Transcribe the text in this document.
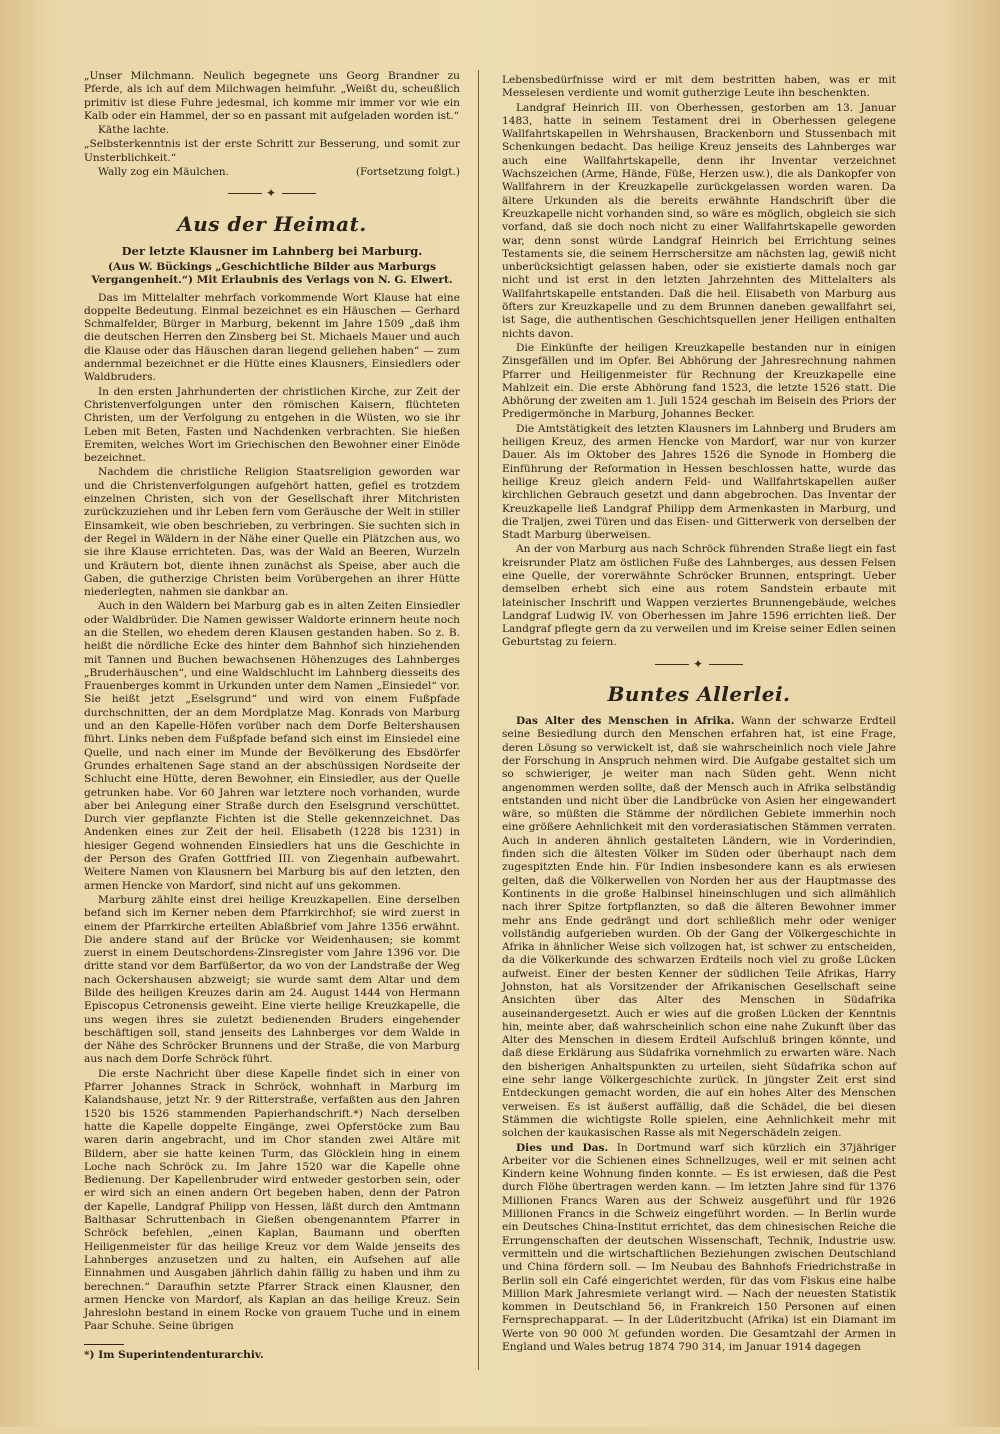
„Unser Milchmann. Neulich begegnete uns Georg Brandner zu Pferde, als ich auf dem Milchwagen heimfuhr. „Weißt du, scheußlich primitiv ist diese Fuhre jedesmal, ich komme mir immer vor wie ein Kalb oder ein Hammel, der so en passant mit aufgeladen worden ist.“

Käthe lachte.

„Selbsterkenntnis ist der erste Schritt zur Besserung, und somit zur Unsterblichkeit.“

Wally zog ein Mäulchen.	(Fortsetzung folgt.)
✦
Aus der Heimat.
Der letzte Klausner im Lahnberg bei Marburg.
(Aus W. Bückings „Geschichtliche Bilder aus Marburgs Vergangenheit.“) Mit Erlaubnis des Verlags von N. G. Elwert.

Das im Mittelalter mehrfach vorkommende Wort Klause hat eine doppelte Bedeutung. Einmal bezeichnet es ein Häuschen — Gerhard Schmalfelder, Bürger in Marburg, bekennt im Jahre 1509 „daß ihm die deutschen Herren den Zinsberg bei St. Michaels Mauer und auch die Klause oder das Häuschen daran liegend geliehen haben“ — zum andernmal bezeichnet er die Hütte eines Klausners, Einsiedlers oder Waldbruders.

In den ersten Jahrhunderten der christlichen Kirche, zur Zeit der Christenverfolgungen unter den römischen Kaisern, flüchteten Christen, um der Verfolgung zu entgehen in die Wüsten, wo sie ihr Leben mit Beten, Fasten und Nachdenken verbrachten. Sie hießen Eremiten, welches Wort im Griechischen den Bewohner einer Einöde bezeichnet.

Nachdem die christliche Religion Staatsreligion geworden war und die Christenverfolgungen aufgehört hatten, gefiel es trotzdem einzelnen Christen, sich von der Gesellschaft ihrer Mitchristen zurückzuziehen und ihr Leben fern vom Geräusche der Welt in stiller Einsamkeit, wie oben beschrieben, zu verbringen. Sie suchten sich in der Regel in Wäldern in der Nähe einer Quelle ein Plätzchen aus, wo sie ihre Klause errichteten. Das, was der Wald an Beeren, Wurzeln und Kräutern bot, diente ihnen zunächst als Speise, aber auch die Gaben, die gutherzige Christen beim Vorübergehen an ihrer Hütte niederlegten, nahmen sie dankbar an.

Auch in den Wäldern bei Marburg gab es in alten Zeiten Einsiedler oder Waldbrüder. Die Namen gewisser Waldorte erinnern heute noch an die Stellen, wo ehedem deren Klausen gestanden haben. So z. B. heißt die nördliche Ecke des hinter dem Bahnhof sich hinziehenden mit Tannen und Buchen bewachsenen Höhenzuges des Lahnberges „Bruderhäuschen“, und eine Waldschlucht im Lahnberg diesseits des Frauenberges kommt in Urkunden unter dem Namen „Einsiedel“ vor. Sie heißt jetzt „Eselsgrund“ und wird von einem Fußpfade durchschnitten, der an dem Mordplatze Mag. Konrads von Marburg und an den Kapelle-Höfen vorüber nach dem Dorfe Beltershausen führt. Links neben dem Fußpfade befand sich einst im Einsiedel eine Quelle, und nach einer im Munde der Bevölkerung des Ebsdörfer Grundes erhaltenen Sage stand an der abschüssigen Nordseite der Schlucht eine Hütte, deren Bewohner, ein Einsiedler, aus der Quelle getrunken habe. Vor 60 Jahren war letztere noch vorhanden, wurde aber bei Anlegung einer Straße durch den Eselsgrund verschüttet. Durch vier gepflanzte Fichten ist die Stelle gekennzeichnet. Das Andenken eines zur Zeit der heil. Elisabeth (1228 bis 1231) in hiesiger Gegend wohnenden Einsiedlers hat uns die Geschichte in der Person des Grafen Gottfried III. von Ziegenhain aufbewahrt. Weitere Namen von Klausnern bei Marburg bis auf den letzten, den armen Hencke von Mardorf, sind nicht auf uns gekommen.

Marburg zählte einst drei heilige Kreuzkapellen. Eine derselben befand sich im Kerner neben dem Pfarrkirchhof; sie wird zuerst in einem der Pfarrkirche erteilten Ablaßbrief vom Jahre 1356 erwähnt. Die andere stand auf der Brücke vor Weidenhausen; sie kommt zuerst in einem Deutschordens-Zinsregister vom Jahre 1396 vor. Die dritte stand vor dem Barfüßertor, da wo von der Landstraße der Weg nach Ockershausen abzweigt; sie wurde samt dem Altar und dem Bilde des heiligen Kreuzes darin am 24. August 1444 von Hermann Episcopus Cetronensis geweiht. Eine vierte heilige Kreuzkapelle, die uns wegen ihres sie zuletzt bedienenden Bruders eingehender beschäftigen soll, stand jenseits des Lahnberges vor dem Walde in der Nähe des Schröcker Brunnens und der Straße, die von Marburg aus nach dem Dorfe Schröck führt.

Die erste Nachricht über diese Kapelle findet sich in einer von Pfarrer Johannes Strack in Schröck, wohnhaft in Marburg im Kalandshause, jetzt Nr. 9 der Ritterstraße, verfaßten aus den Jahren 1520 bis 1526 stammenden Papierhandschrift.*) Nach derselben hatte die Kapelle doppelte Eingänge, zwei Opferstöcke zum Bau waren darin angebracht, und im Chor standen zwei Altäre mit Bildern, aber sie hatte keinen Turm, das Glöcklein hing in einem Loche nach Schröck zu. Im Jahre 1520 war die Kapelle ohne Bedienung. Der Kapellenbruder wird entweder gestorben sein, oder er wird sich an einen andern Ort begeben haben, denn der Patron der Kapelle, Landgraf Philipp von Hessen, läßt durch den Amtmann Balthasar Schruttenbach in Gießen obengenanntem Pfarrer in Schröck befehlen, „einen Kaplan, Baumann und oberften Heiligenmeister für das heilige Kreuz vor dem Walde jenseits des Lahnberges anzusetzen und zu halten, ein Aufsehen auf alle Einnahmen und Ausgaben jährlich dahin fällig zu haben und ihm zu berechnen.“ Daraufhin setzte Pfarrer Strack einen Klausner, den armen Hencke von Mardorf, als Kaplan an das heilige Kreuz. Sein Jahreslohn bestand in einem Rocke von grauem Tuche und in einem Paar Schuhe. Seine übrigen

*) Im Superintendenturarchiv.

Lebensbedürfnisse wird er mit dem bestritten haben, was er mit Messelesen verdiente und womit gutherzige Leute ihn beschenkten.

Landgraf Heinrich III. von Oberhessen, gestorben am 13. Januar 1483, hatte in seinem Testament drei in Oberhessen gelegene Wallfahrtskapellen in Wehrshausen, Brackenborn und Stussenbach mit Schenkungen bedacht. Das heilige Kreuz jenseits des Lahnberges war auch eine Wallfahrtskapelle, denn ihr Inventar verzeichnet Wachszeichen (Arme, Hände, Füße, Herzen usw.), die als Dankopfer von Wallfahrern in der Kreuzkapelle zurückgelassen worden waren. Da ältere Urkunden als die bereits erwähnte Handschrift über die Kreuzkapelle nicht vorhanden sind, so wäre es möglich, obgleich sie sich vorfand, daß sie doch noch nicht zu einer Wallfahrtskapelle geworden war, denn sonst würde Landgraf Heinrich bei Errichtung seines Testaments sie, die seinem Herrschersitze am nächsten lag, gewiß nicht unberücksichtigt gelassen haben, oder sie existierte damals noch gar nicht und ist erst in den letzten Jahrzehnten des Mittelalters als Wallfahrtskapelle entstanden. Daß die heil. Elisabeth von Marburg aus öfters zur Kreuzkapelle und zu dem Brunnen daneben gewallfahrt sei, ist Sage, die authentischen Geschichtsquellen jener Heiligen enthalten nichts davon.

Die Einkünfte der heiligen Kreuzkapelle bestanden nur in einigen Zinsgefällen und im Opfer. Bei Abhörung der Jahresrechnung nahmen Pfarrer und Heiligenmeister für Rechnung der Kreuzkapelle eine Mahlzeit ein. Die erste Abhörung fand 1523, die letzte 1526 statt. Die Abhörung der zweiten am 1. Juli 1524 geschah im Beisein des Priors der Predigermönche in Marburg, Johannes Becker.

Die Amtstätigkeit des letzten Klausners im Lahnberg und Bruders am heiligen Kreuz, des armen Hencke von Mardorf, war nur von kurzer Dauer. Als im Oktober des Jahres 1526 die Synode in Homberg die Einführung der Reformation in Hessen beschlossen hatte, wurde das heilige Kreuz gleich andern Feld- und Wallfahrtskapellen außer kirchlichen Gebrauch gesetzt und dann abgebrochen. Das Inventar der Kreuzkapelle ließ Landgraf Philipp dem Armenkasten in Marburg, und die Traljen, zwei Türen und das Eisen- und Gitterwerk von derselben der Stadt Marburg überweisen.

An der von Marburg aus nach Schröck führenden Straße liegt ein fast kreisrunder Platz am östlichen Fuße des Lahnberges, aus dessen Felsen eine Quelle, der vorerwähnte Schröcker Brunnen, entspringt. Ueber demselben erhebt sich eine aus rotem Sandstein erbaute mit lateinischer Inschrift und Wappen verziertes Brunnengebäude, welches Landgraf Ludwig IV. von Oberhessen im Jahre 1596 errichten ließ. Der Landgraf pflegte gern da zu verweilen und im Kreise seiner Edlen seinen Geburtstag zu feiern.

✦
Buntes Allerlei.

Das Alter des Menschen in Afrika. Wann der schwarze Erdteil seine Besiedlung durch den Menschen erfahren hat, ist eine Frage, deren Lösung so verwickelt ist, daß sie wahrscheinlich noch viele Jahre der Forschung in Anspruch nehmen wird. Die Aufgabe gestaltet sich um so schwieriger, je weiter man nach Süden geht. Wenn nicht angenommen werden sollte, daß der Mensch auch in Afrika selbständig entstanden und nicht über die Landbrücke von Asien her eingewandert wäre, so müßten die Stämme der nördlichen Gebiete immerhin noch eine größere Aehnlichkeit mit den vorderasiatischen Stämmen verraten. Auch in anderen ähnlich gestalteten Ländern, wie in Vorderindien, finden sich die ältesten Völker im Süden oder überhaupt nach dem zugespitzten Ende hin. Für Indien insbesondere kann es als erwiesen gelten, daß die Völkerwellen von Norden her aus der Hauptmasse des Kontinents in die große Halbinsel hineinschlugen und sich allmählich nach ihrer Spitze fortpflanzten, so daß die älteren Bewohner immer mehr ans Ende gedrängt und dort schließlich mehr oder weniger vollständig aufgerieben wurden. Ob der Gang der Völkergeschichte in Afrika in ähnlicher Weise sich vollzogen hat, ist schwer zu entscheiden, da die Völkerkunde des schwarzen Erdteils noch viel zu große Lücken aufweist. Einer der besten Kenner der südlichen Teile Afrikas, Harry Johnston, hat als Vorsitzender der Afrikanischen Gesellschaft seine Ansichten über das Alter des Menschen in Südafrika auseinandergesetzt. Auch er wies auf die großen Lücken der Kenntnis hin, meinte aber, daß wahrscheinlich schon eine nahe Zukunft über das Alter des Menschen in diesem Erdteil Aufschluß bringen könnte, und daß diese Erklärung aus Südafrika vornehmlich zu erwarten wäre. Nach den bisherigen Anhaltspunkten zu urteilen, sieht Südafrika schon auf eine sehr lange Völkergeschichte zurück. In jüngster Zeit erst sind Entdeckungen gemacht worden, die auf ein hohes Alter des Menschen verweisen. Es ist äußerst auffällig, daß die Schädel, die bei diesen Stämmen die wichtigste Rolle spielen, eine Aehnlichkeit mehr mit solchen der kaukasischen Rasse als mit Negerschädeln zeigen.

Dies und Das. In Dortmund warf sich kürzlich ein 37jähriger Arbeiter vor die Schienen eines Schnellzuges, weil er mit seinen acht Kindern keine Wohnung finden konnte. — Es ist erwiesen, daß die Pest durch Flöhe übertragen werden kann. — Im letzten Jahre sind für 1376 Millionen Francs Waren aus der Schweiz ausgeführt und für 1926 Millionen Francs in die Schweiz eingeführt worden. — In Berlin wurde ein Deutsches China-Institut errichtet, das dem chinesischen Reiche die Errungenschaften der deutschen Wissenschaft, Technik, Industrie usw. vermitteln und die wirtschaftlichen Beziehungen zwischen Deutschland und China fördern soll. — Im Neubau des Bahnhofs Friedrichstraße in Berlin soll ein Café eingerichtet werden, für das vom Fiskus eine halbe Million Mark Jahresmiete verlangt wird. — Nach der neuesten Statistik kommen in Deutschland 56, in Frankreich 150 Personen auf einen Fernsprechapparat. — In der Lüderitzbucht (Afrika) ist ein Diamant im Werte von 90 000 ℳ gefunden worden. Die Gesamtzahl der Armen in England und Wales betrug 1874 790 314, im Januar 1914 dagegen
